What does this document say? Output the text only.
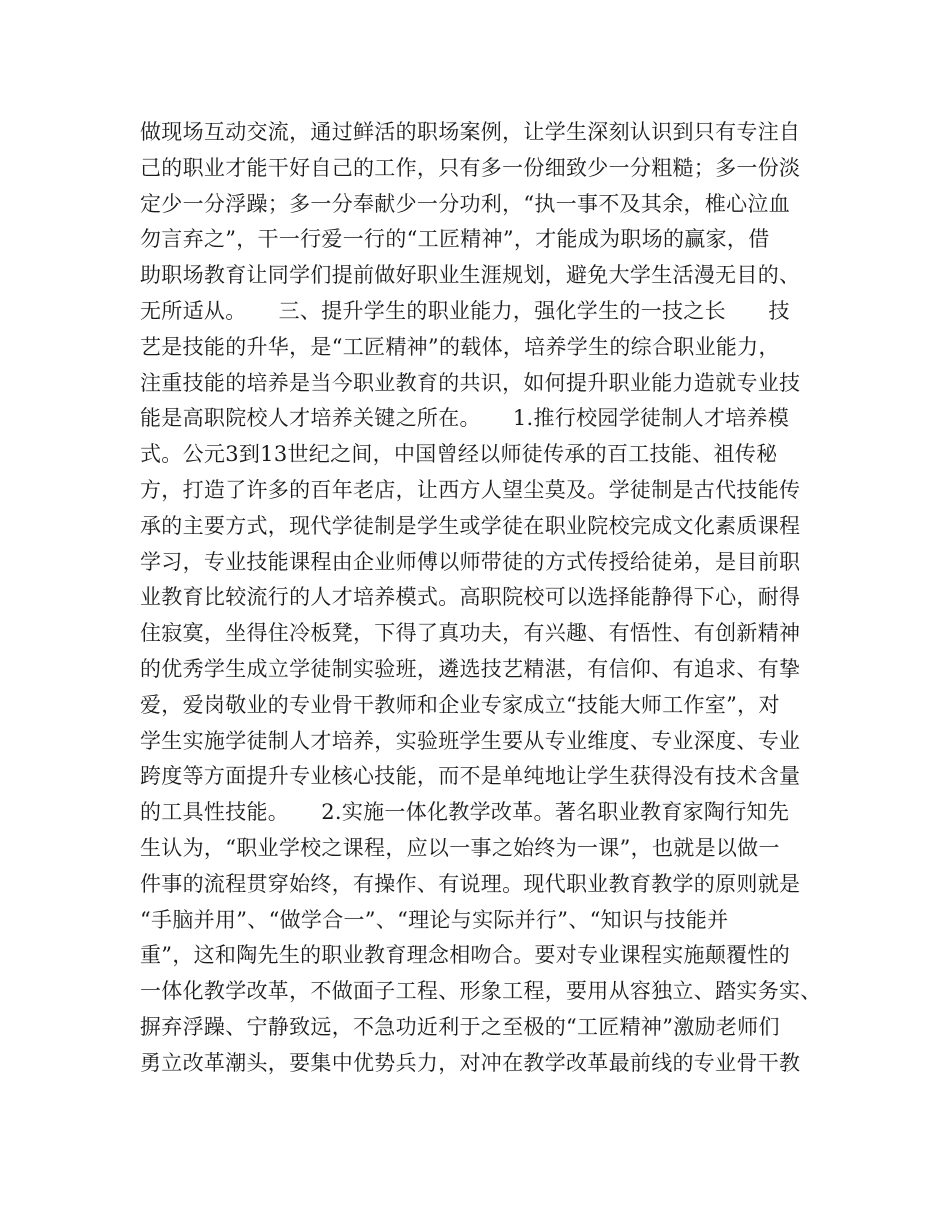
做现场互动交流，通过鲜活的职场案例，让学生深刻认识到只有专注自
己的职业才能干好自己的工作，只有多一份细致少一分粗糙；多一份淡
定少一分浮躁；多一分奉献少一分功利，“执一事不及其余，椎心泣血
勿言弃之”，干一行爱一行的“工匠精神”，才能成为职场的赢家，借
助职场教育让同学们提前做好职业生涯规划，避免大学生活漫无目的、
无所适从。　　三、提升学生的职业能力，强化学生的一技之长　　技
艺是技能的升华，是“工匠精神”的载体，培养学生的综合职业能力，
注重技能的培养是当今职业教育的共识，如何提升职业能力造就专业技
能是高职院校人才培养关键之所在。　　1.推行校园学徒制人才培养模
式。公元3到13世纪之间，中国曾经以师徒传承的百工技能、祖传秘
方，打造了许多的百年老店，让西方人望尘莫及。学徒制是古代技能传
承的主要方式，现代学徒制是学生或学徒在职业院校完成文化素质课程
学习，专业技能课程由企业师傅以师带徒的方式传授给徒弟，是目前职
业教育比较流行的人才培养模式。高职院校可以选择能静得下心，耐得
住寂寞，坐得住冷板凳，下得了真功夫，有兴趣、有悟性、有创新精神
的优秀学生成立学徒制实验班，遴选技艺精湛，有信仰、有追求、有挚
爱，爱岗敬业的专业骨干教师和企业专家成立“技能大师工作室”，对
学生实施学徒制人才培养，实验班学生要从专业维度、专业深度、专业
跨度等方面提升专业核心技能，而不是单纯地让学生获得没有技术含量
的工具性技能。　　2.实施一体化教学改革。著名职业教育家陶行知先
生认为，“职业学校之课程，应以一事之始终为一课”，也就是以做一
件事的流程贯穿始终，有操作、有说理。现代职业教育教学的原则就是
“手脑并用”、“做学合一”、“理论与实际并行”、“知识与技能并
重”，这和陶先生的职业教育理念相吻合。要对专业课程实施颠覆性的
一体化教学改革，不做面子工程、形象工程，要用从容独立、踏实务实、
摒弃浮躁、宁静致远，不急功近利于之至极的“工匠精神”激励老师们
勇立改革潮头，要集中优势兵力，对冲在教学改革最前线的专业骨干教
